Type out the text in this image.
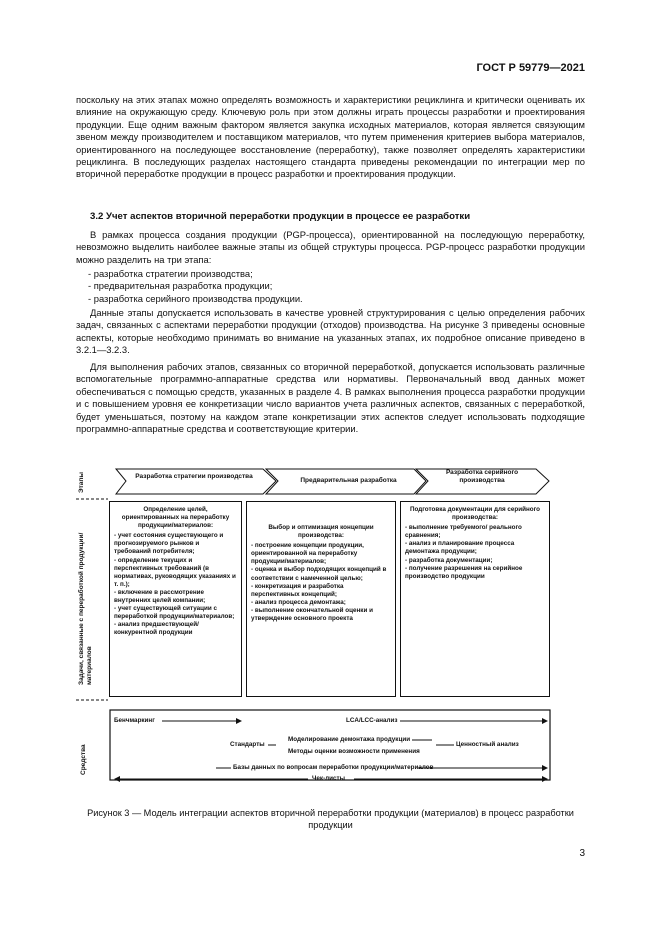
ГОСТ Р 59779—2021

поскольку на этих этапах можно определять возможность и характеристики рециклинга и критически оценивать их влияние на окружающую среду. Ключевую роль при этом должны играть процессы разработки и проектирования продукции. Еще одним важным фактором является закупка исходных материалов, которая является связующим звеном между производителем и поставщиком материалов, что путем применения критериев выбора материалов, ориентированного на последующее восстановление (переработку), также позволяет определять характеристики рециклинга. В последующих разделах настоящего стандарта приведены рекомендации по интеграции мер по вторичной переработке продукции в процесс разработки и проектирования продукции.

3.2 Учет аспектов вторичной переработки продукции в процессе ее разработки

В рамках процесса создания продукции (PGP-процесса), ориентированной на последующую переработку, невозможно выделить наиболее важные этапы из общей структуры процесса. PGP-процесс разработки продукции можно разделить на три этапа:

- разработка стратегии производства;
- предварительная разработка продукции;
- разработка серийного производства продукции.

Данные этапы допускается использовать в качестве уровней структурирования с целью определения рабочих задач, связанных с аспектами переработки продукции (отходов) производства. На рисунке 3 приведены основные аспекты, которые необходимо принимать во внимание на указанных этапах, их подробное описание приведено в 3.2.1—3.2.3.

Для выполнения рабочих этапов, связанных со вторичной переработкой, допускается использовать различные вспомогательные программно-аппаратные средства или нормативы. Первоначальный ввод данных может обеспечиваться с помощью средств, указанных в разделе 4. В рамках выполнения процесса разработки продукции и с повышением уровня ее конкретизации число вариантов учета различных аспектов, связанных с переработкой, будет уменьшаться, поэтому на каждом этапе конкретизации этих аспектов следует использовать подходящие программно-аппаратные средства и соответствующие критерии.

Этапы
Задачи, связанные с переработкой продукции/материалов
Средства
Разработка стратегии производства
Предварительная разработка
Разработка серийного производства
Определение целей, ориентированных на переработку продукции/материалов:
- учет состояния существующего и прогнозируемого рынков и требований потребителя;
- определение текущих и перспективных требований (в нормативах, руководящих указаниях и т. п.);
- включение в рассмотрение внутренних целей компании;
- учет существующей ситуации с переработкой продукции/материалов;
- анализ предшествующей/конкурентной продукции
Выбор и оптимизация концепции производства:
- построение концепции продукции, ориентированной на переработку продукции/материалов;
- оценка и выбор подходящих концепций в соответствии с намеченной целью;
- конкретизация и разработка перспективных концепций;
- анализ процесса демонтажа;
- выполнение окончательной оценки и утверждение основного проекта
Подготовка документации для серийного производства:
- выполнение требуемого/ реального сравнения;
- анализ и планирование процесса демонтажа продукции;
- разработка документации;
- получение разрешения на серийное производство продукции
Бенчмаркинг	LCA/LCC-анализ
Стандарты
Моделирование демонтажа продукции
Методы оценки возможности применения
Ценностный анализ
Базы данных по вопросам переработки продукции/материалов
Чек-листы
Рисунок 3 — Модель интеграции аспектов вторичной переработки продукции (материалов) в процесс разработки продукции
3
